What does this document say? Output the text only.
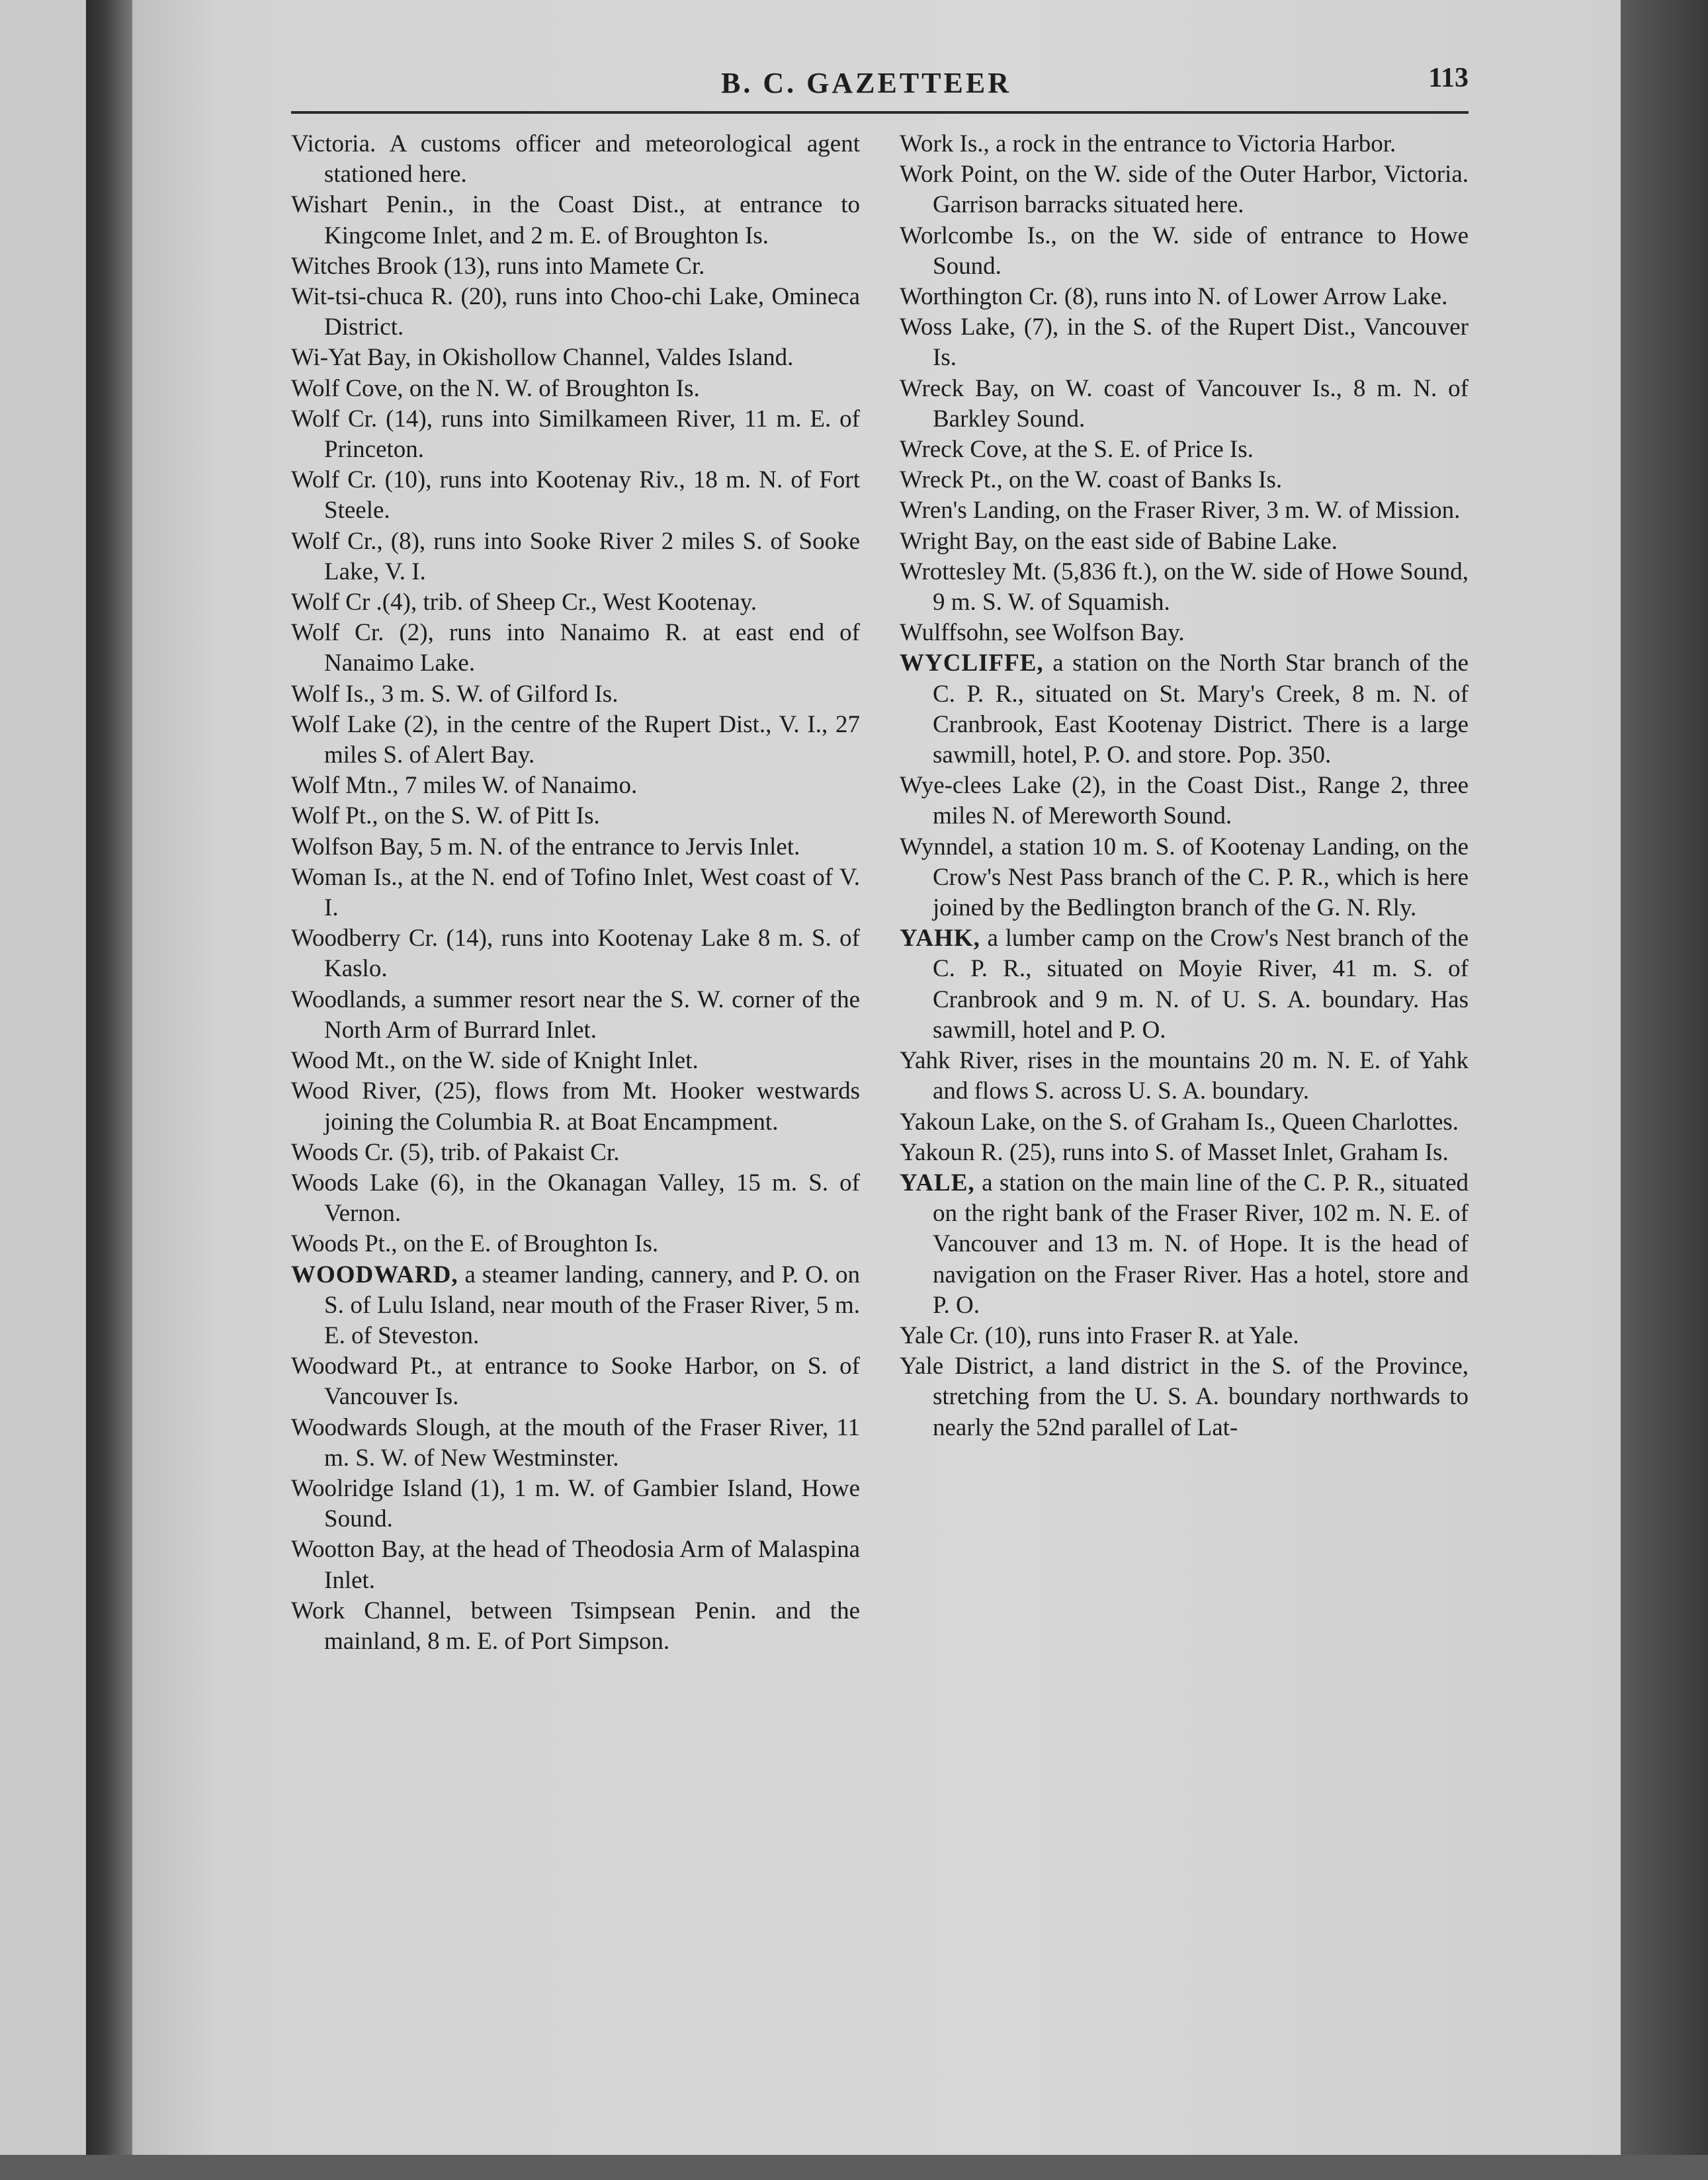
B. C. GAZETTEER	113
Victoria. A customs officer and meteorological agent stationed here.
Wishart Penin., in the Coast Dist., at entrance to Kingcome Inlet, and 2 m. E. of Broughton Is.
Witches Brook (13), runs into Mamete Cr.
Wit-tsi-chuca R. (20), runs into Choo-chi Lake, Omineca District.
Wi-Yat Bay, in Okishollow Channel, Valdes Island.
Wolf Cove, on the N. W. of Broughton Is.
Wolf Cr. (14), runs into Similkameen River, 11 m. E. of Princeton.
Wolf Cr. (10), runs into Kootenay Riv., 18 m. N. of Fort Steele.
Wolf Cr., (8), runs into Sooke River 2 miles S. of Sooke Lake, V. I.
Wolf Cr .(4), trib. of Sheep Cr., West Kootenay.
Wolf Cr. (2), runs into Nanaimo R. at east end of Nanaimo Lake.
Wolf Is., 3 m. S. W. of Gilford Is.
Wolf Lake (2), in the centre of the Rupert Dist., V. I., 27 miles S. of Alert Bay.
Wolf Mtn., 7 miles W. of Nanaimo.
Wolf Pt., on the S. W. of Pitt Is.
Wolfson Bay, 5 m. N. of the entrance to Jervis Inlet.
Woman Is., at the N. end of Tofino Inlet, West coast of V. I.
Woodberry Cr. (14), runs into Kootenay Lake 8 m. S. of Kaslo.
Woodlands, a summer resort near the S. W. corner of the North Arm of Burrard Inlet.
Wood Mt., on the W. side of Knight Inlet.
Wood River, (25), flows from Mt. Hooker westwards joining the Columbia R. at Boat Encampment.
Woods Cr. (5), trib. of Pakaist Cr.
Woods Lake (6), in the Okanagan Valley, 15 m. S. of Vernon.
Woods Pt., on the E. of Broughton Is.
WOODWARD, a steamer landing, cannery, and P. O. on S. of Lulu Island, near mouth of the Fraser River, 5 m. E. of Steveston.
Woodward Pt., at entrance to Sooke Harbor, on S. of Vancouver Is.
Woodwards Slough, at the mouth of the Fraser River, 11 m. S. W. of New Westminster.
Woolridge Island (1), 1 m. W. of Gambier Island, Howe Sound.
Wootton Bay, at the head of Theodosia Arm of Malaspina Inlet.
Work Channel, between Tsimpsean Penin. and the mainland, 8 m. E. of Port Simpson.
Work Is., a rock in the entrance to Victoria Harbor.
Work Point, on the W. side of the Outer Harbor, Victoria. Garrison barracks situated here.
Worlcombe Is., on the W. side of entrance to Howe Sound.
Worthington Cr. (8), runs into N. of Lower Arrow Lake.
Woss Lake, (7), in the S. of the Rupert Dist., Vancouver Is.
Wreck Bay, on W. coast of Vancouver Is., 8 m. N. of Barkley Sound.
Wreck Cove, at the S. E. of Price Is.
Wreck Pt., on the W. coast of Banks Is.
Wren's Landing, on the Fraser River, 3 m. W. of Mission.
Wright Bay, on the east side of Babine Lake.
Wrottesley Mt. (5,836 ft.), on the W. side of Howe Sound, 9 m. S. W. of Squamish.
Wulffsohn, see Wolfson Bay.
WYCLIFFE, a station on the North Star branch of the C. P. R., situated on St. Mary's Creek, 8 m. N. of Cranbrook, East Kootenay District. There is a large sawmill, hotel, P. O. and store. Pop. 350.
Wye-clees Lake (2), in the Coast Dist., Range 2, three miles N. of Mereworth Sound.
Wynndel, a station 10 m. S. of Kootenay Landing, on the Crow's Nest Pass branch of the C. P. R., which is here joined by the Bedlington branch of the G. N. Rly.
YAHK, a lumber camp on the Crow's Nest branch of the C. P. R., situated on Moyie River, 41 m. S. of Cranbrook and 9 m. N. of U. S. A. boundary. Has sawmill, hotel and P. O.
Yahk River, rises in the mountains 20 m. N. E. of Yahk and flows S. across U. S. A. boundary.
Yakoun Lake, on the S. of Graham Is., Queen Charlottes.
Yakoun R. (25), runs into S. of Masset Inlet, Graham Is.
YALE, a station on the main line of the C. P. R., situated on the right bank of the Fraser River, 102 m. N. E. of Vancouver and 13 m. N. of Hope. It is the head of navigation on the Fraser River. Has a hotel, store and P. O.
Yale Cr. (10), runs into Fraser R. at Yale.
Yale District, a land district in the S. of the Province, stretching from the U. S. A. boundary northwards to nearly the 52nd parallel of Lat-
